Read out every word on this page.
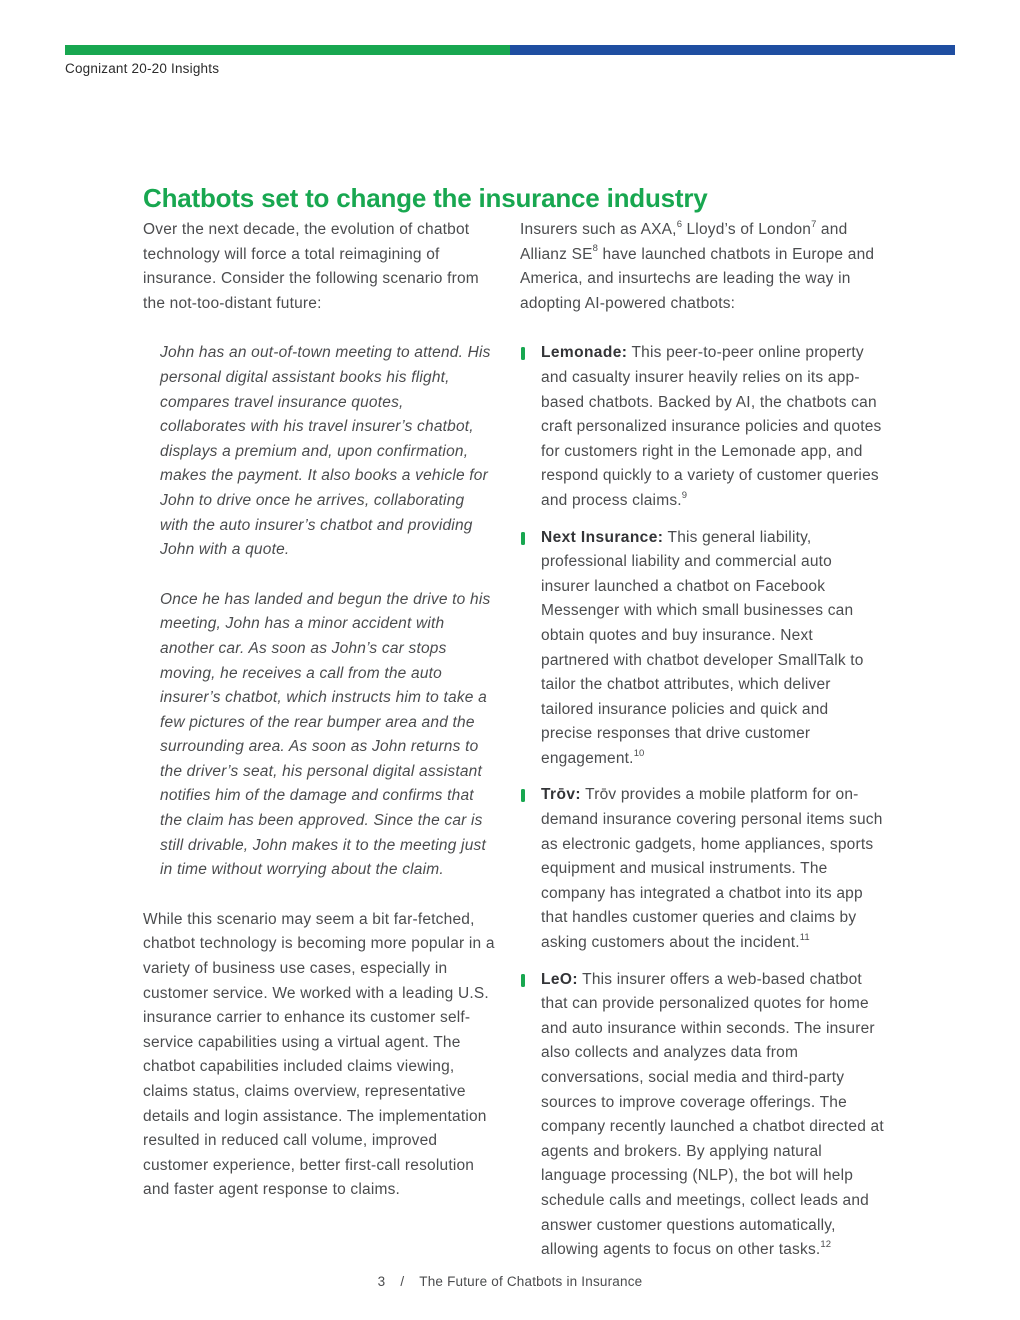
Cognizant 20-20 Insights
Chatbots set to change the insurance industry

Over the next decade, the evolution of chatbot technology will force a total reimagining of insurance. Consider the following scenario from the not-too-distant future:

John has an out-of-town meeting to attend. His personal digital assistant books his flight, compares travel insurance quotes, collaborates with his travel insurer’s chatbot, displays a premium and, upon confirmation, makes the payment. It also books a vehicle for John to drive once he arrives, collaborating with the auto insurer’s chatbot and providing John with a quote.

Once he has landed and begun the drive to his meeting, John has a minor accident with another car. As soon as John’s car stops moving, he receives a call from the auto insurer’s chatbot, which instructs him to take a few pictures of the rear bumper area and the surrounding area. As soon as John returns to the driver’s seat, his personal digital assistant notifies him of the damage and confirms that the claim has been approved. Since the car is still drivable, John makes it to the meeting just in time without worrying about the claim.

While this scenario may seem a bit far-fetched, chatbot technology is becoming more popular in a variety of business use cases, especially in customer service. We worked with a leading U.S. insurance carrier to enhance its customer self-service capabilities using a virtual agent. The chatbot capabilities included claims viewing, claims status, claims overview, representative details and login assistance. The implementation resulted in reduced call volume, improved customer experience, better first-call resolution and faster agent response to claims.

Insurers such as AXA,$^6$ Lloyd’s of London$^7$ and Allianz $SE^8$ have launched chatbots in Europe and America, and insurtechs are leading the way in adopting AI-powered chatbots:

Lemonade: This peer-to-peer online property and casualty insurer heavily relies on its app-based chatbots. Backed by AI, the chatbots can craft personalized insurance policies and quotes for customers right in the Lemonade app, and respond quickly to a variety of customer queries and process claims.$^9$
Next Insurance: This general liability, professional liability and commercial auto insurer launched a chatbot on Facebook Messenger with which small businesses can obtain quotes and buy insurance. Next partnered with chatbot developer SmallTalk to tailor the chatbot attributes, which deliver tailored insurance policies and quick and precise responses that drive customer engagement.$^{10}$
Trōv: Trōv provides a mobile platform for on-demand insurance covering personal items such as electronic gadgets, home appliances, sports equipment and musical instruments. The company has integrated a chatbot into its app that handles customer queries and claims by asking customers about the incident.$^{11}$
LeO: This insurer offers a web-based chatbot that can provide personalized quotes for home and auto insurance within seconds. The insurer also collects and analyzes data from conversations, social media and third-party sources to improve coverage offerings. The company recently launched a chatbot directed at agents and brokers. By applying natural language processing (NLP), the bot will help schedule calls and meetings, collect leads and answer customer questions automatically, allowing agents to focus on other tasks.$^{12}$
3 / The Future of Chatbots in Insurance
